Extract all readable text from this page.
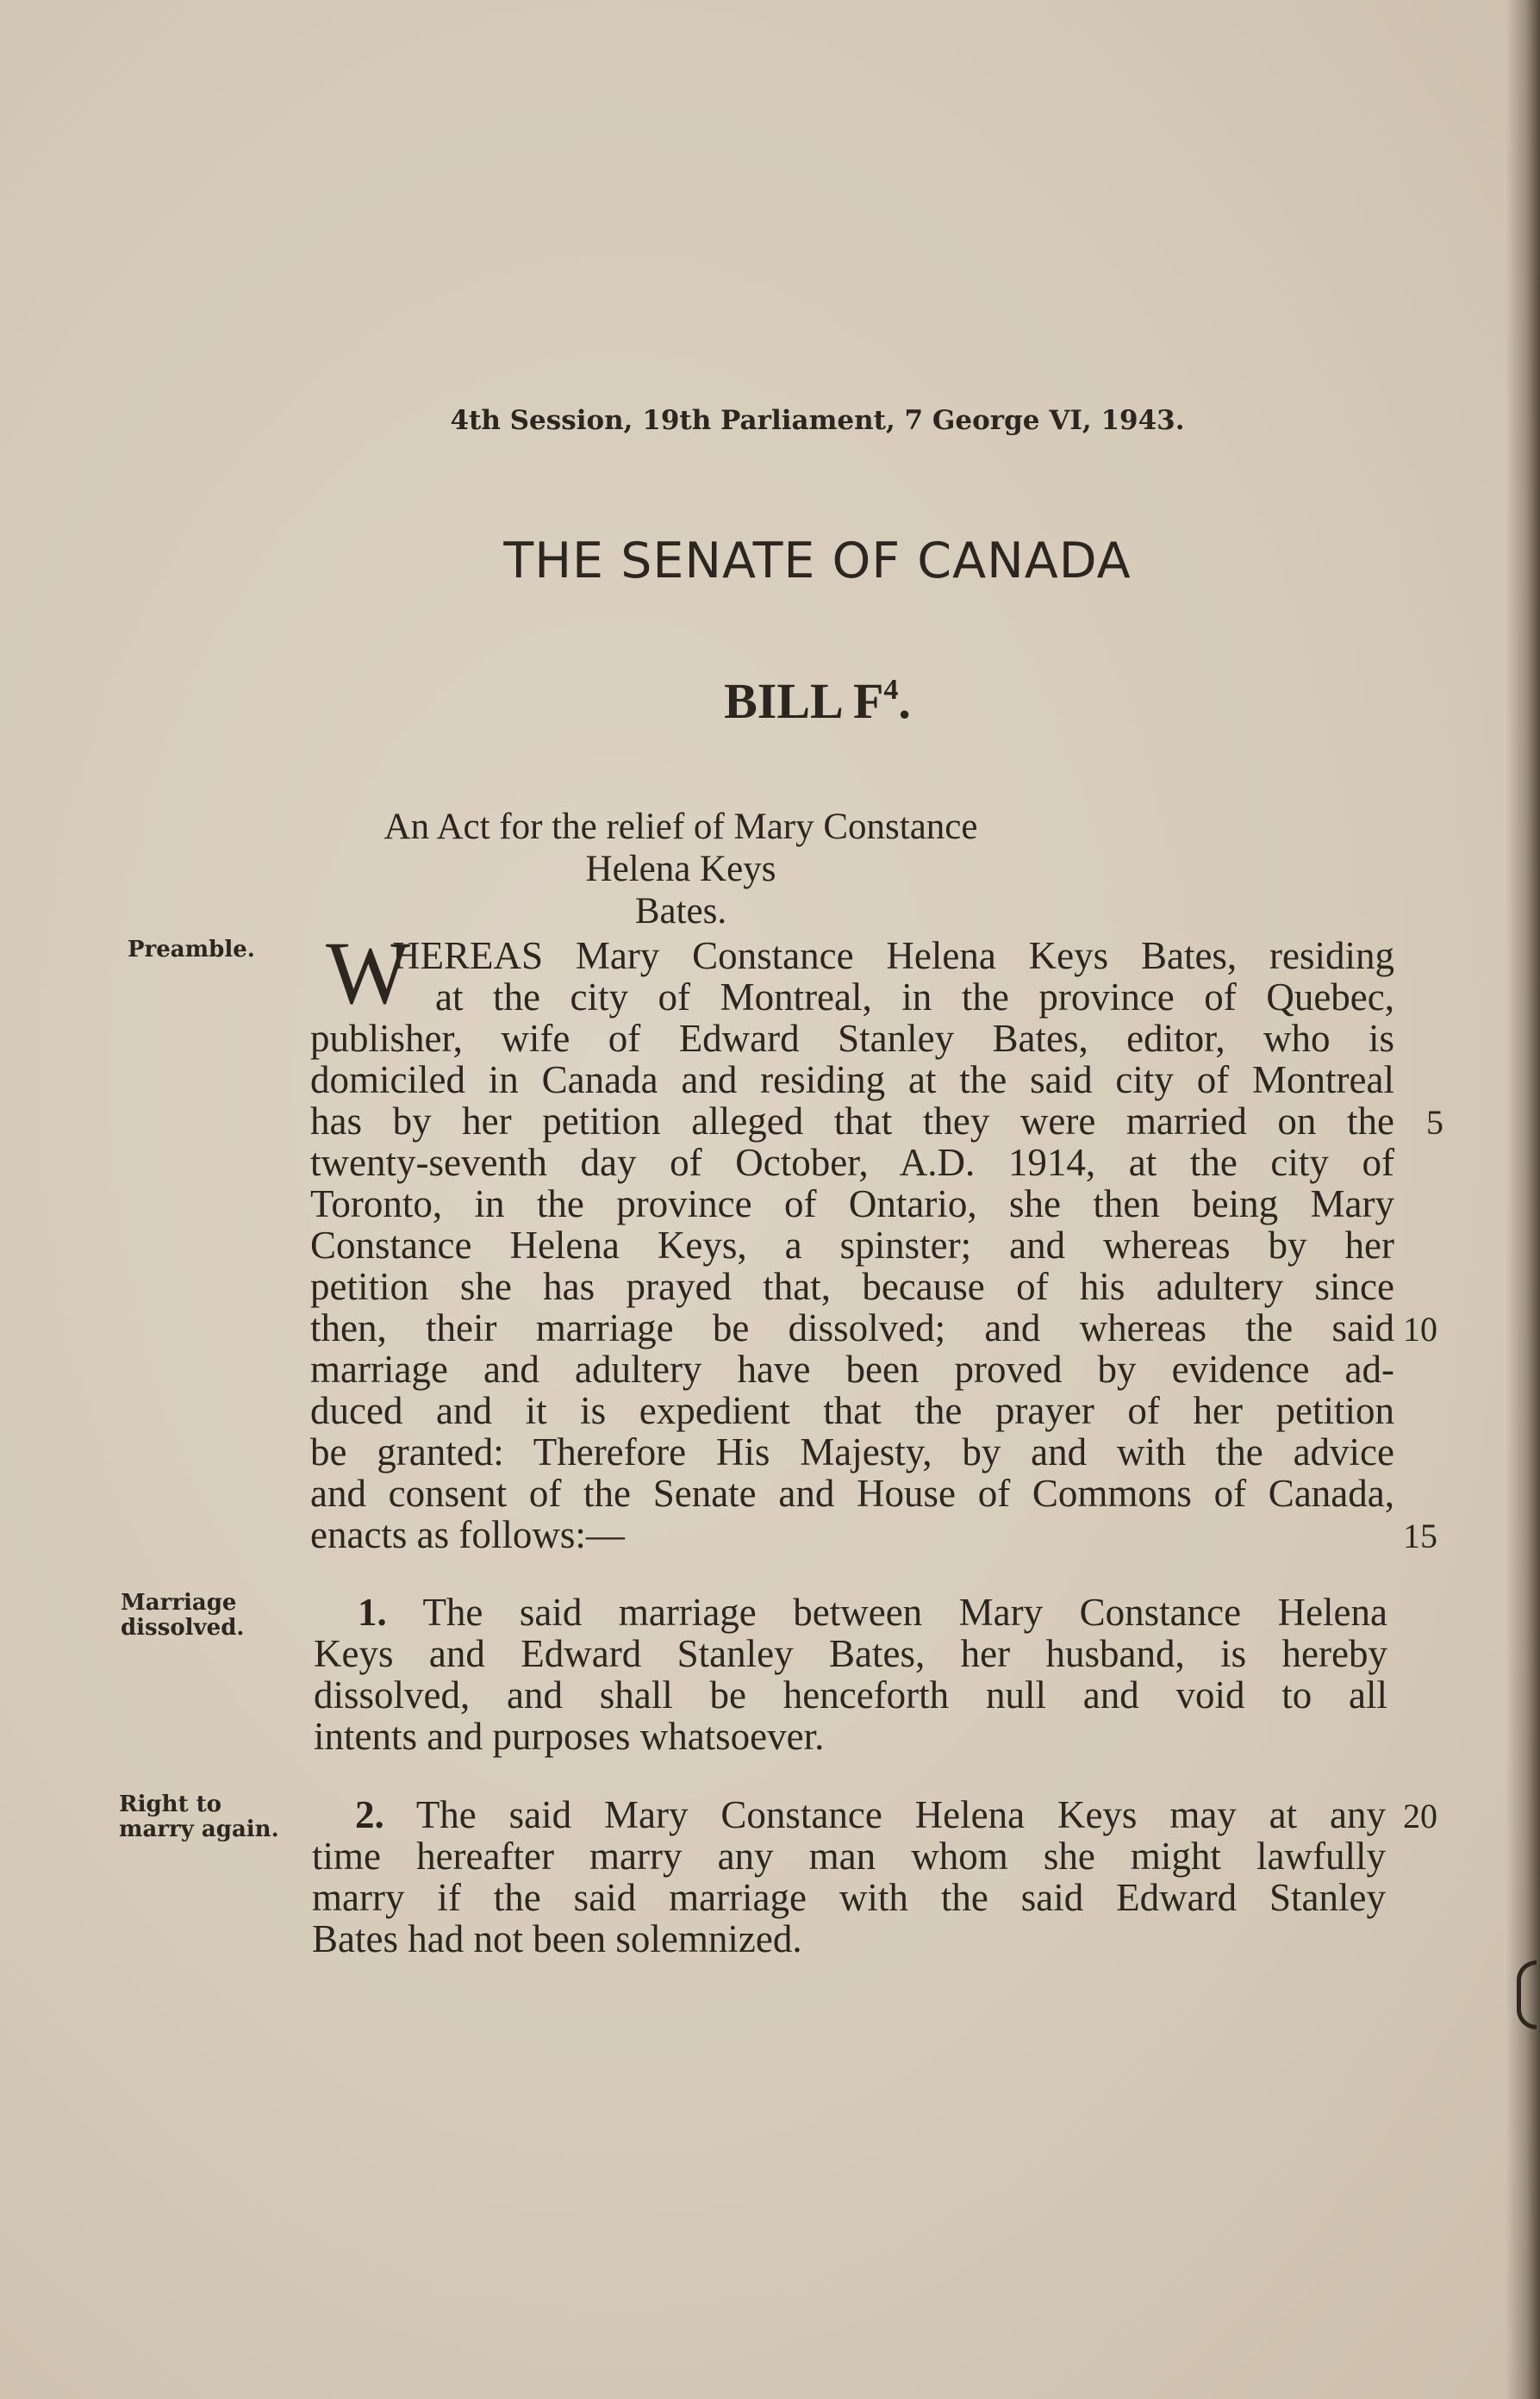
4th Session, 19th Parliament, 7 George VI, 1943.
THE SENATE OF CANADA
BILL $F^4$.
An Act for the relief of Mary Constance Helena Keys
Bates.
Preamble.
Marriage
dissolved.
Right to
marry again.
W
HEREAS Mary Constance Helena Keys Bates, residing
at the city of Montreal, in the province of Quebec,
publisher, wife of Edward Stanley Bates, editor, who is
domiciled in Canada and residing at the said city of Montreal
has by her petition alleged that they were married on the
twenty-seventh day of October, A.D. 1914, at the city of
Toronto, in the province of Ontario, she then being Mary
Constance Helena Keys, a spinster; and whereas by her
petition she has prayed that, because of his adultery since
then, their marriage be dissolved; and whereas the said
marriage and adultery have been proved by evidence ad-
duced and it is expedient that the prayer of her petition
be granted: Therefore His Majesty, by and with the advice
and consent of the Senate and House of Commons of Canada,
enacts as follows:—
1. The said marriage between Mary Constance Helena
Keys and Edward Stanley Bates, her husband, is hereby
dissolved, and shall be henceforth null and void to all
intents and purposes whatsoever.
2. The said Mary Constance Helena Keys may at any
time hereafter marry any man whom she might lawfully
marry if the said marriage with the said Edward Stanley
Bates had not been solemnized.
5
10
15
20
